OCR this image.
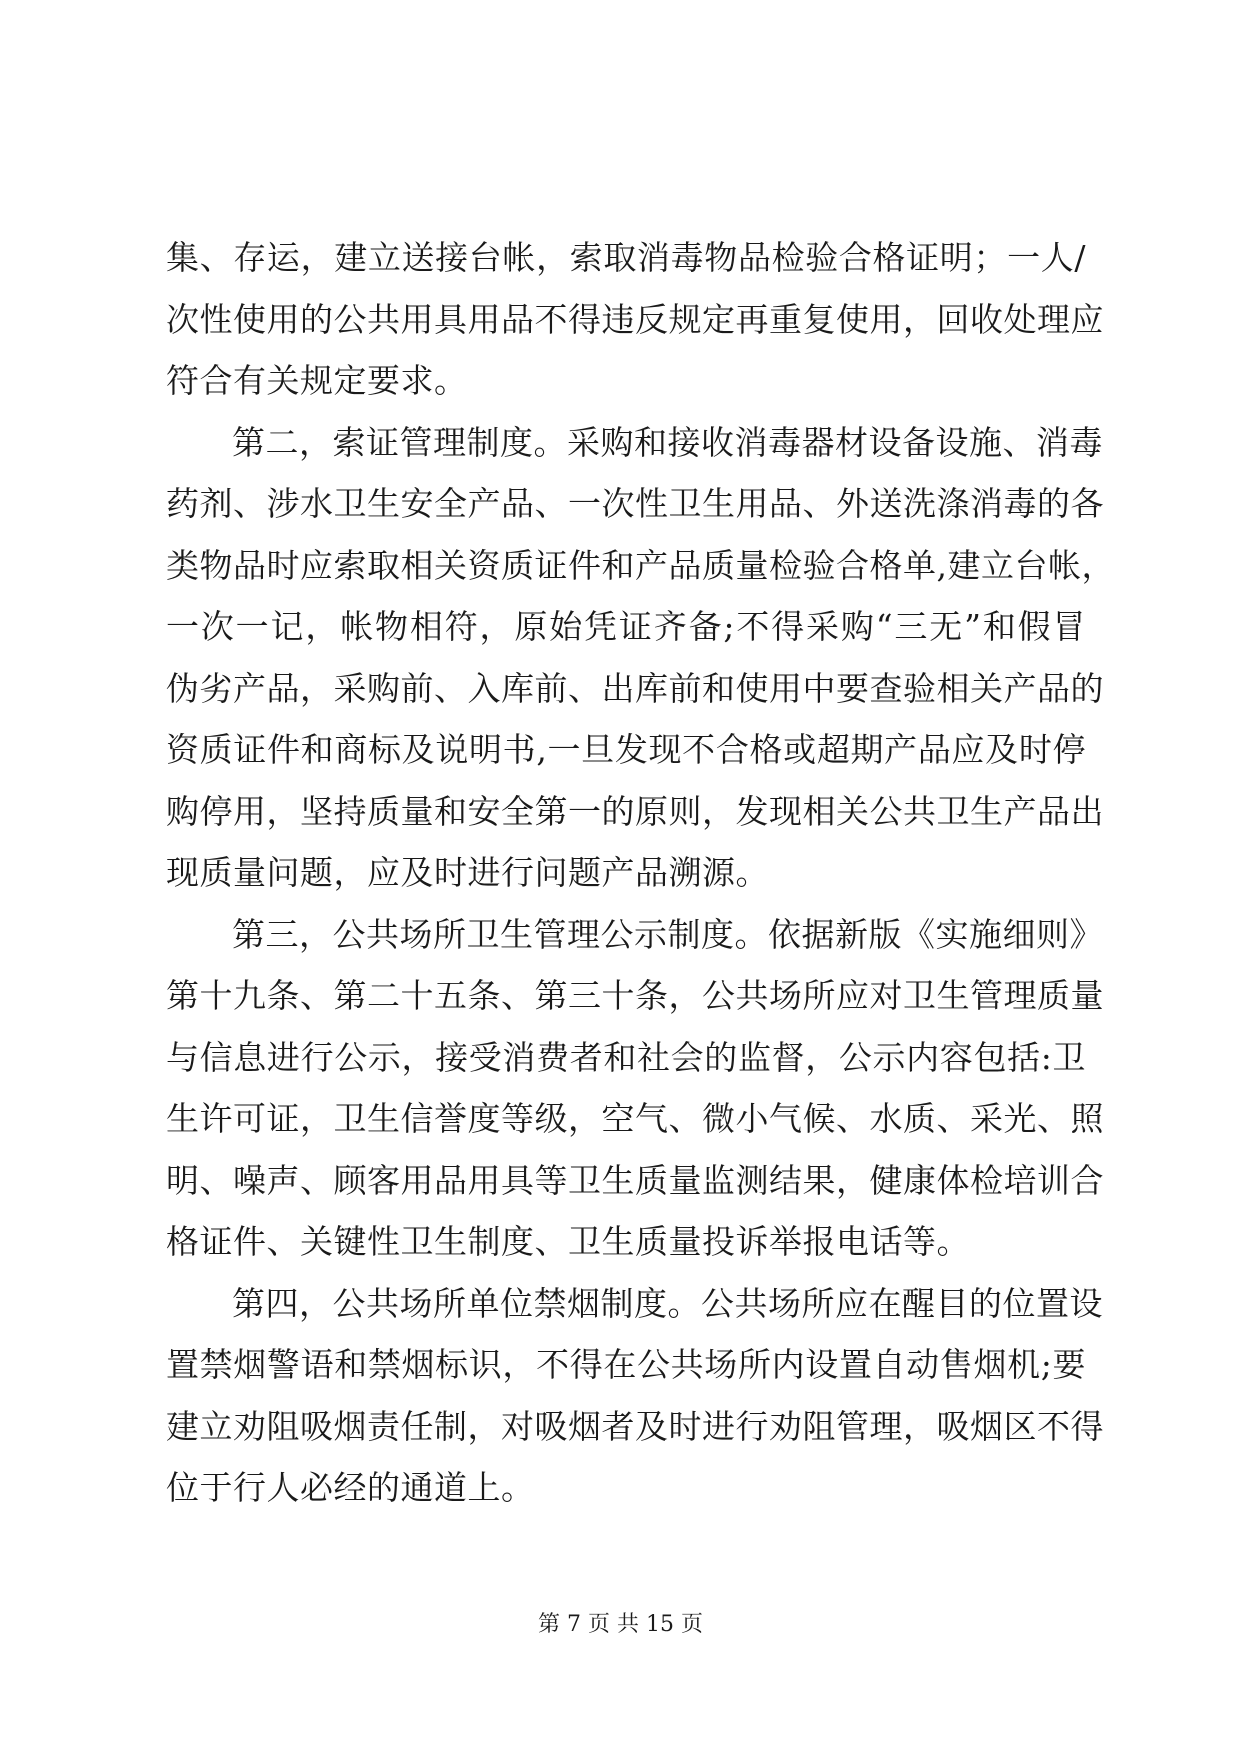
集、存运，建立送接台帐，索取消毒物品检验合格证明；一人/
次性使用的公共用具用品不得违反规定再重复使用，回收处理应
符合有关规定要求。
第二，索证管理制度。采购和接收消毒器材设备设施、消毒
药剂、涉水卫生安全产品、一次性卫生用品、外送洗涤消毒的各
类物品时应索取相关资质证件和产品质量检验合格单,建立台帐，
一次一记，帐物相符，原始凭证齐备;不得采购“三无”和假冒
伪劣产品，采购前、入库前、出库前和使用中要查验相关产品的
资质证件和商标及说明书,一旦发现不合格或超期产品应及时停
购停用，坚持质量和安全第一的原则，发现相关公共卫生产品出
现质量问题，应及时进行问题产品溯源。
第三，公共场所卫生管理公示制度。依据新版《实施细则》
第十九条、第二十五条、第三十条，公共场所应对卫生管理质量
与信息进行公示，接受消费者和社会的监督，公示内容包括:卫
生许可证，卫生信誉度等级，空气、微小气候、水质、采光、照
明、噪声、顾客用品用具等卫生质量监测结果，健康体检培训合
格证件、关键性卫生制度、卫生质量投诉举报电话等。
第四，公共场所单位禁烟制度。公共场所应在醒目的位置设
置禁烟警语和禁烟标识，不得在公共场所内设置自动售烟机;要
建立劝阻吸烟责任制，对吸烟者及时进行劝阻管理，吸烟区不得
位于行人必经的通道上。
第 7 页 共 15 页
